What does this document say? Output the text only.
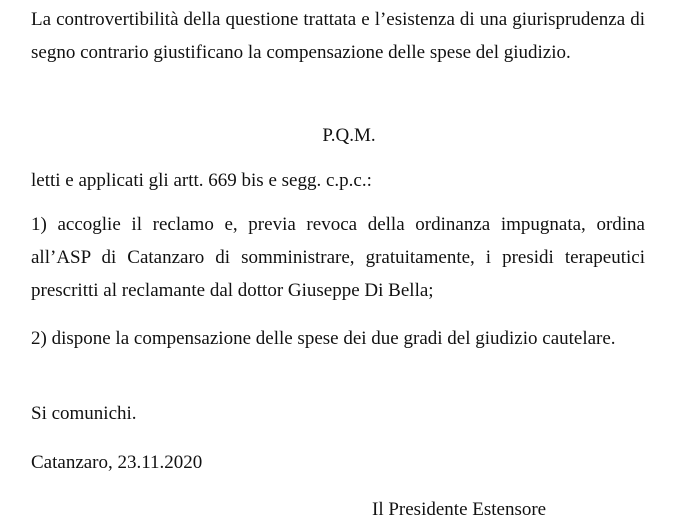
La controvertibilità della questione trattata e l’esistenza di una giurisprudenza di segno contrario giustificano la compensazione delle spese del giudizio.

P.Q.M.

letti e applicati gli artt. 669 bis e segg. c.p.c.:

1) accoglie il reclamo e, previa revoca della ordinanza impugnata, ordina all’ASP di Catanzaro di somministrare, gratuitamente, i presidi terapeutici prescritti al reclamante dal dottor Giuseppe Di Bella;

2) dispone la compensazione delle spese dei due gradi del giudizio cautelare.

Si comunichi.

Catanzaro, 23.11.2020

Il Presidente Estensore
